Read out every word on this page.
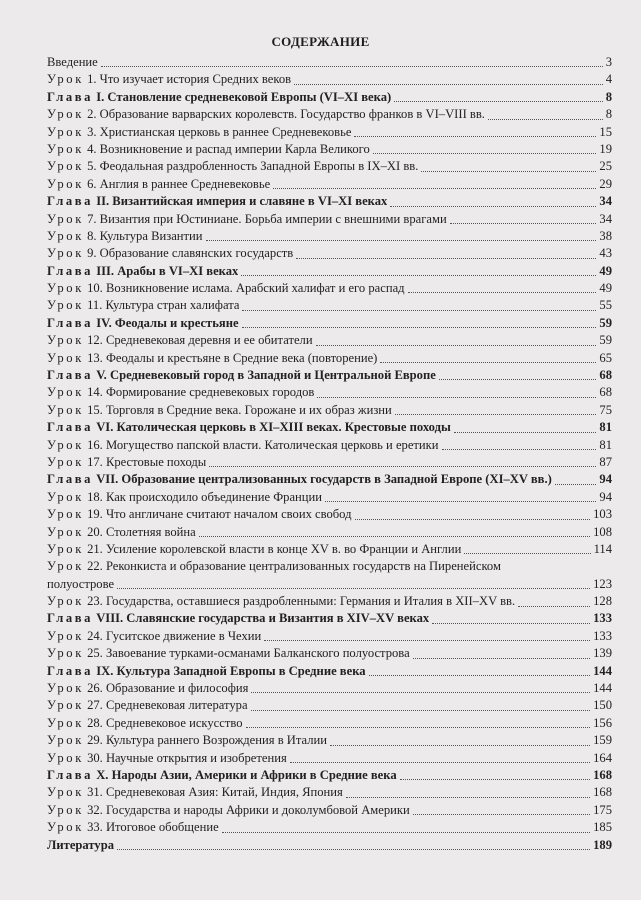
СОДЕРЖАНИЕ
Введение	3
Урок 1. Что изучает история Средних веков	4
Глава I. Становление средневековой Европы (VI–XI века)	8
Урок 2. Образование варварских королевств. Государство франков в VI–VIII вв.	8
Урок 3. Христианская церковь в раннее Средневековье	15
Урок 4. Возникновение и распад империи Карла Великого	19
Урок 5. Феодальная раздробленность Западной Европы в IX–XI вв.	25
Урок 6. Англия в раннее Средневековье	29
Глава II. Византийская империя и славяне в VI–XI веках	34
Урок 7. Византия при Юстиниане. Борьба империи с внешними врагами	34
Урок 8. Культура Византии	38
Урок 9. Образование славянских государств	43
Глава III. Арабы в VI–XI веках	49
Урок 10. Возникновение ислама. Арабский халифат и его распад	49
Урок 11. Культура стран халифата	55
Глава IV. Феодалы и крестьяне	59
Урок 12. Средневековая деревня и ее обитатели	59
Урок 13. Феодалы и крестьяне в Средние века (повторение)	65
Глава V. Средневековый город в Западной и Центральной Европе	68
Урок 14. Формирование средневековых городов	68
Урок 15. Торговля в Средние века. Горожане и их образ жизни	75
Глава VI. Католическая церковь в XI–XIII веках. Крестовые походы	81
Урок 16. Могущество папской власти. Католическая церковь и еретики	81
Урок 17. Крестовые походы	87
Глава VII. Образование централизованных государств в Западной Европе (XI–XV вв.)	94
Урок 18. Как происходило объединение Франции	94
Урок 19. Что англичане считают началом своих свобод	103
Урок 20. Столетняя война	108
Урок 21. Усиление королевской власти в конце XV в. во Франции и Англии	114
Урок 22. Реконкиста и образование централизованных государств на Пиренейском
полуострове	123
Урок 23. Государства, оставшиеся раздробленными: Германия и Италия в XII–XV вв.	128
Глава VIII. Славянские государства и Византия в XIV–XV веках	133
Урок 24. Гуситское движение в Чехии	133
Урок 25. Завоевание турками-османами Балканского полуострова	139
Глава IX. Культура Западной Европы в Средние века	144
Урок 26. Образование и философия	144
Урок 27. Средневековая литература	150
Урок 28. Средневековое искусство	156
Урок 29. Культура раннего Возрождения в Италии	159
Урок 30. Научные открытия и изобретения	164
Глава X. Народы Азии, Америки и Африки в Средние века	168
Урок 31. Средневековая Азия: Китай, Индия, Япония	168
Урок 32. Государства и народы Африки и доколумбовой Америки	175
Урок 33. Итоговое обобщение	185
Литература	189
